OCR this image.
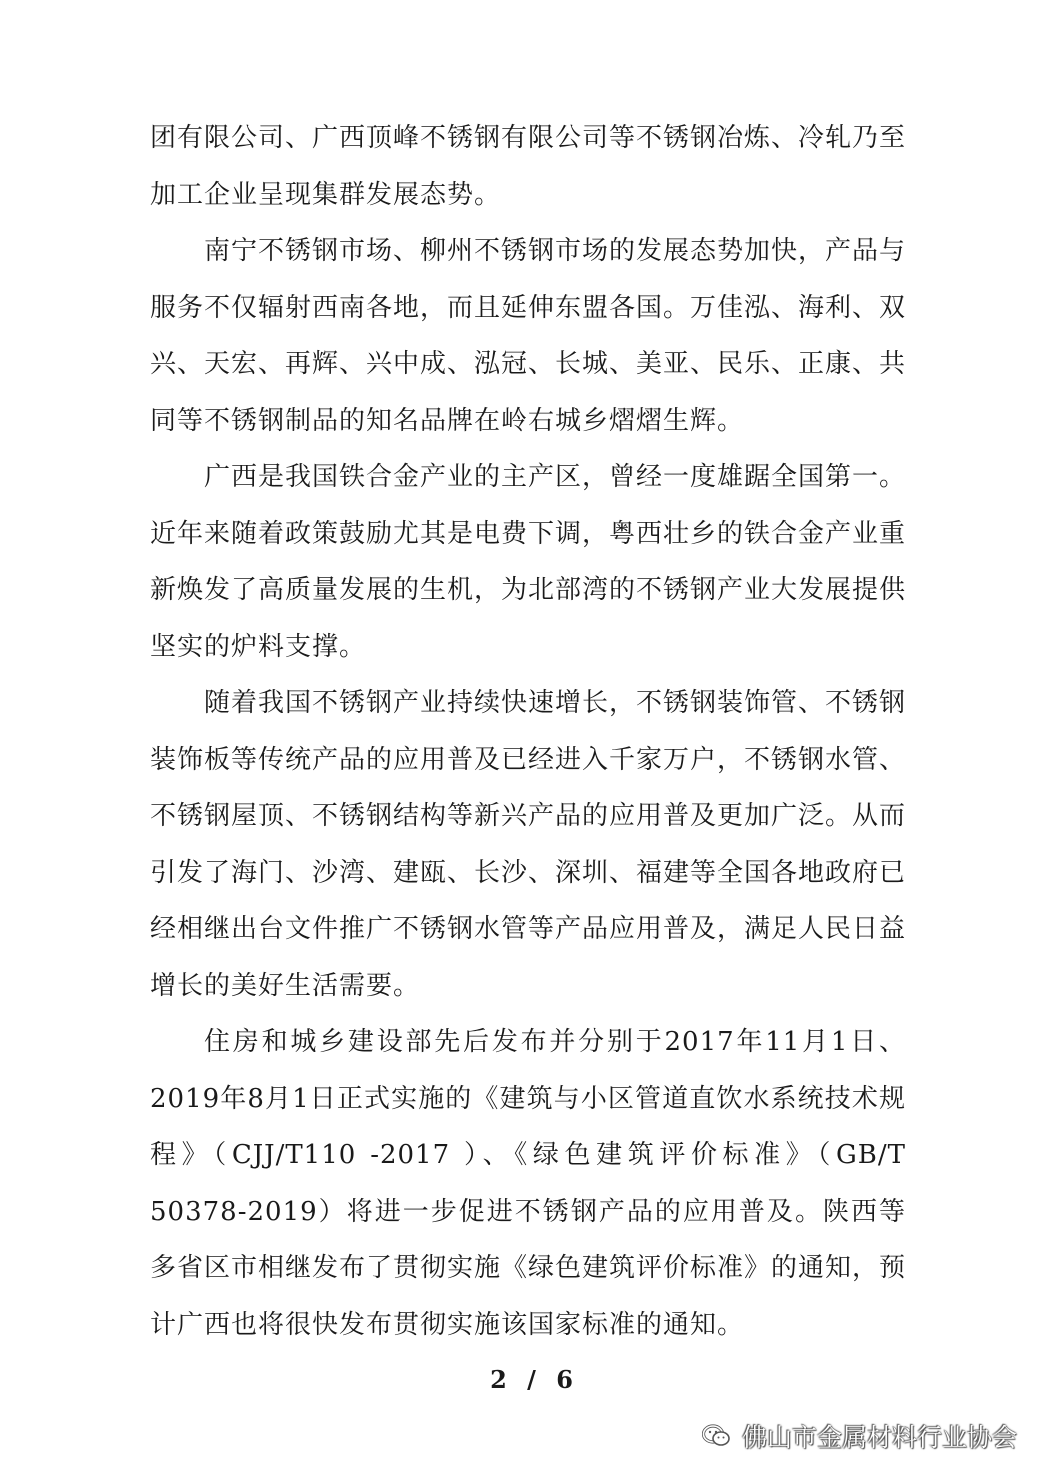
团有限公司、广西顶峰不锈钢有限公司等不锈钢冶炼、冷轧乃至加工企业呈现集群发展态势。

南宁不锈钢市场、柳州不锈钢市场的发展态势加快，产品与服务不仅辐射西南各地，而且延伸东盟各国。万佳泓、海利、双兴、天宏、再辉、兴中成、泓冠、长城、美亚、民乐、正康、共同等不锈钢制品的知名品牌在岭右城乡熠熠生辉。

广西是我国铁合金产业的主产区，曾经一度雄踞全国第一。近年来随着政策鼓励尤其是电费下调，粤西壮乡的铁合金产业重新焕发了高质量发展的生机，为北部湾的不锈钢产业大发展提供坚实的炉料支撑。

随着我国不锈钢产业持续快速增长，不锈钢装饰管、不锈钢装饰板等传统产品的应用普及已经进入千家万户，不锈钢水管、不锈钢屋顶、不锈钢结构等新兴产品的应用普及更加广泛。从而引发了海门、沙湾、建瓯、长沙、深圳、福建等全国各地政府已经相继出台文件推广不锈钢水管等产品应用普及，满足人民日益增长的美好生活需要。

住房和城乡建设部先后发布并分别于2017年11月1日、2019年8月1日正式实施的《建筑与小区管道直饮水系统技术规程》（CJJ/T110 -2017 ）、《绿色建筑评价标准》（GB/T 50378-2019）将进一步促进不锈钢产品的应用普及。陕西等多省区市相继发布了贯彻实施《绿色建筑评价标准》的通知，预计广西也将很快发布贯彻实施该国家标准的通知。

2 / 6
佛山市金属材料行业协会
